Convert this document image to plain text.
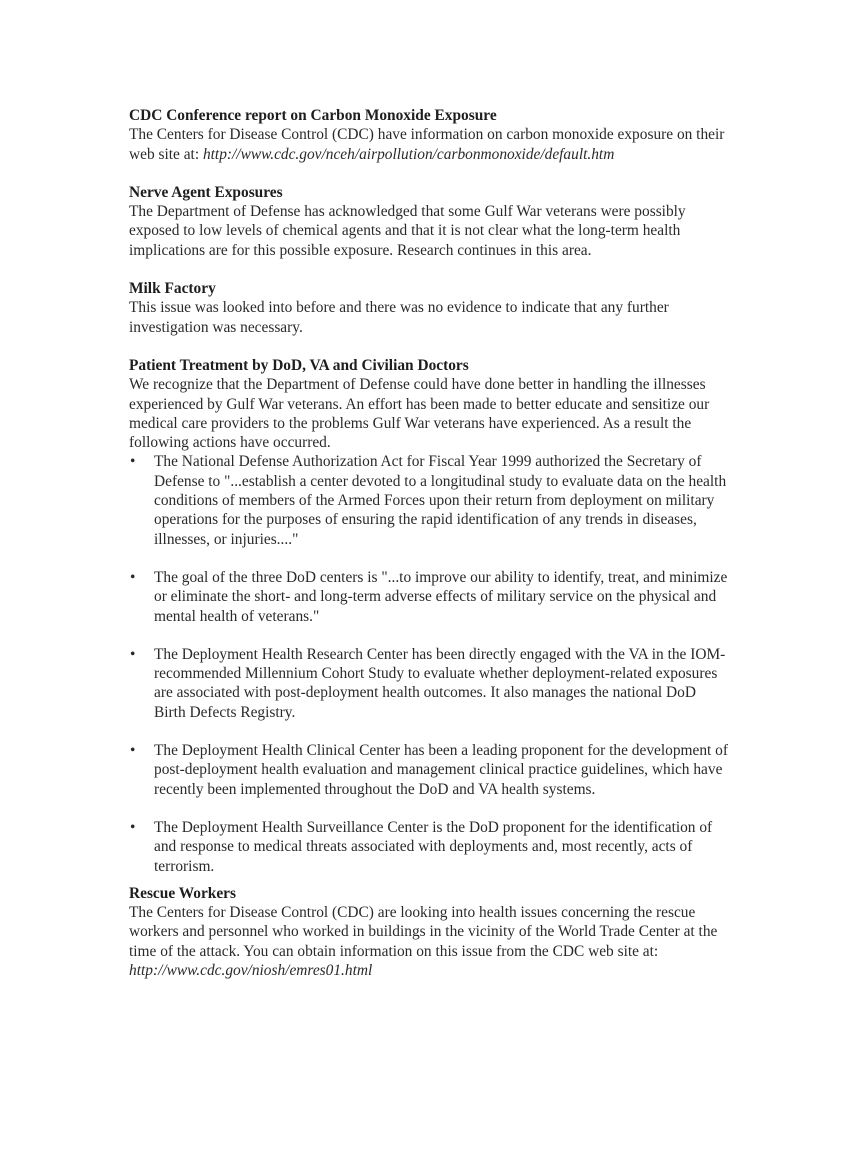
CDC Conference report on Carbon Monoxide Exposure
The Centers for Disease Control (CDC) have information on carbon monoxide exposure on their web site at: http://www.cdc.gov/nceh/airpollution/carbonmonoxide/default.htm
Nerve Agent Exposures
The Department of Defense has acknowledged that some Gulf War veterans were possibly exposed to low levels of chemical agents and that it is not clear what the long-term health implications are for this possible exposure. Research continues in this area.
Milk Factory
This issue was looked into before and there was no evidence to indicate that any further investigation was necessary.
Patient Treatment by DoD, VA and Civilian Doctors
We recognize that the Department of Defense could have done better in handling the illnesses experienced by Gulf War veterans. An effort has been made to better educate and sensitize our medical care providers to the problems Gulf War veterans have experienced. As a result the following actions have occurred.
• The National Defense Authorization Act for Fiscal Year 1999 authorized the Secretary of Defense to "...establish a center devoted to a longitudinal study to evaluate data on the health conditions of members of the Armed Forces upon their return from deployment on military operations for the purposes of ensuring the rapid identification of any trends in diseases, illnesses, or injuries...."
• The goal of the three DoD centers is "...to improve our ability to identify, treat, and minimize or eliminate the short- and long-term adverse effects of military service on the physical and mental health of veterans."
• The Deployment Health Research Center has been directly engaged with the VA in the IOM-recommended Millennium Cohort Study to evaluate whether deployment-related exposures are associated with post-deployment health outcomes. It also manages the national DoD Birth Defects Registry.
• The Deployment Health Clinical Center has been a leading proponent for the development of post-deployment health evaluation and management clinical practice guidelines, which have recently been implemented throughout the DoD and VA health systems.
• The Deployment Health Surveillance Center is the DoD proponent for the identification of and response to medical threats associated with deployments and, most recently, acts of terrorism.
Rescue Workers
The Centers for Disease Control (CDC) are looking into health issues concerning the rescue workers and personnel who worked in buildings in the vicinity of the World Trade Center at the time of the attack. You can obtain information on this issue from the CDC web site at: http://www.cdc.gov/niosh/emres01.html
